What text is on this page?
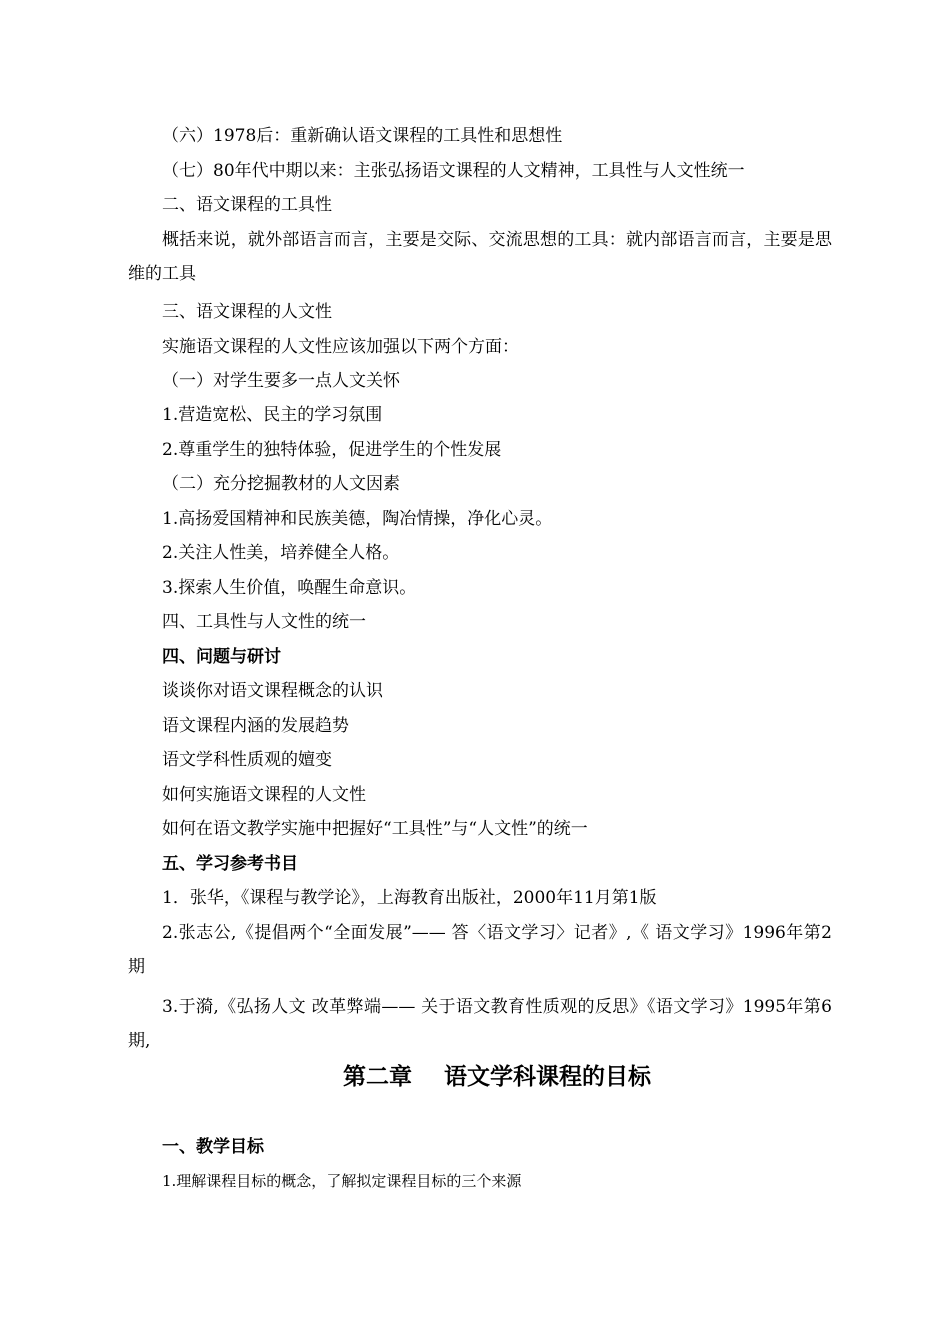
（六）1978后：重新确认语文课程的工具性和思想性
（七）80年代中期以来：主张弘扬语文课程的人文精神，工具性与人文性统一
二、语文课程的工具性
概括来说，就外部语言而言，主要是交际、交流思想的工具：就内部语言而言，主要是思维的工具
三、语文课程的人文性
实施语文课程的人文性应该加强以下两个方面：
（一）对学生要多一点人文关怀
1.营造宽松、民主的学习氛围
2.尊重学生的独特体验，促进学生的个性发展
（二）充分挖掘教材的人文因素
1.高扬爱国精神和民族美德，陶冶情操，净化心灵。
2.关注人性美，培养健全人格。
3.探索人生价值，唤醒生命意识。
四、工具性与人文性的统一
四、问题与研讨
谈谈你对语文课程概念的认识
语文课程内涵的发展趋势
语文学科性质观的嬗变
如何实施语文课程的人文性
如何在语文教学实施中把握好“工具性”与“人文性”的统一
五、学习参考书目
1．张华，《课程与教学论》，上海教育出版社，2000年11月第1版
2.张志公,《提倡两个“全面发展”—— 答〈语文学习〉记者》,《 语文学习》1996年第2期
3.于漪,《弘扬人文 改革弊端—— 关于语文教育性质观的反思》《语文学习》1995年第6期,
第二章    语文学科课程的目标
一、教学目标
1.理解课程目标的概念，了解拟定课程目标的三个来源
